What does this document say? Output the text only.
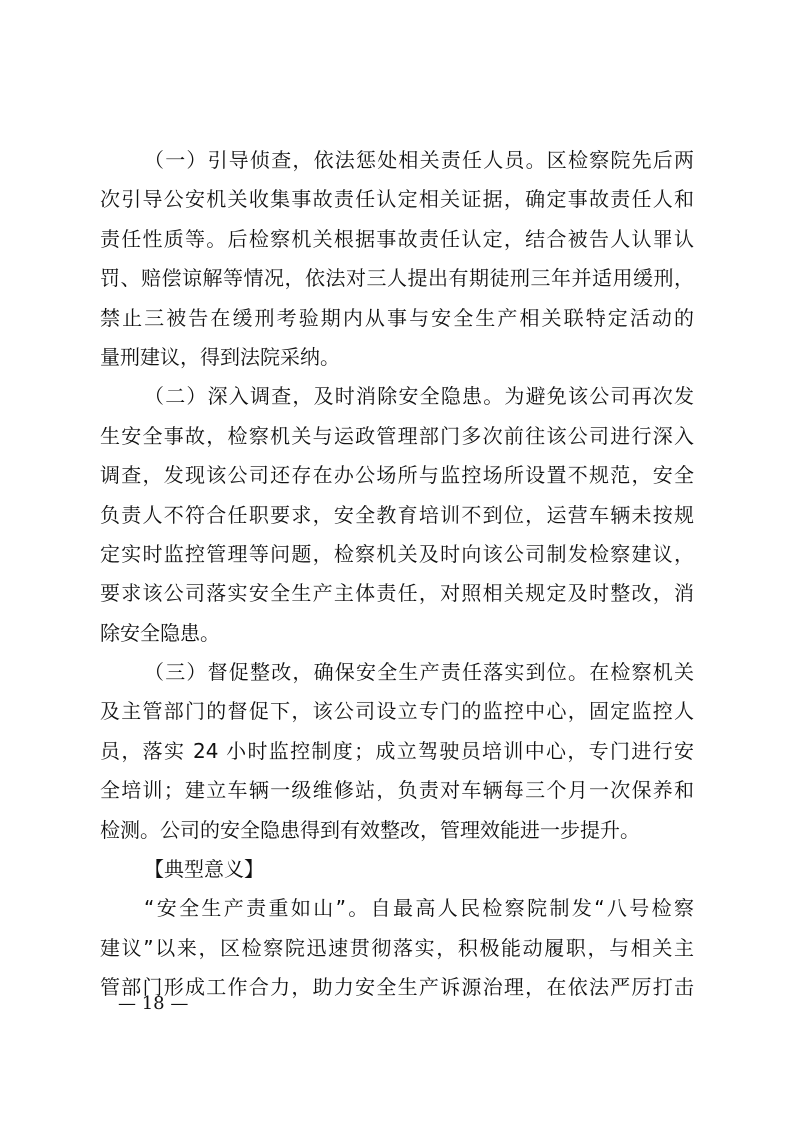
（一）引导侦查，依法惩处相关责任人员。区检察院先后两
次引导公安机关收集事故责任认定相关证据，确定事故责任人和
责任性质等。后检察机关根据事故责任认定，结合被告人认罪认
罚、赔偿谅解等情况，依法对三人提出有期徒刑三年并适用缓刑，
禁止三被告在缓刑考验期内从事与安全生产相关联特定活动的
量刑建议，得到法院采纳。
（二）深入调查，及时消除安全隐患。为避免该公司再次发
生安全事故，检察机关与运政管理部门多次前往该公司进行深入
调查，发现该公司还存在办公场所与监控场所设置不规范，安全
负责人不符合任职要求，安全教育培训不到位，运营车辆未按规
定实时监控管理等问题，检察机关及时向该公司制发检察建议，
要求该公司落实安全生产主体责任，对照相关规定及时整改，消
除安全隐患。
（三）督促整改，确保安全生产责任落实到位。在检察机关
及主管部门的督促下，该公司设立专门的监控中心，固定监控人
员，落实 24 小时监控制度；成立驾驶员培训中心，专门进行安
全培训；建立车辆一级维修站，负责对车辆每三个月一次保养和
检测。公司的安全隐患得到有效整改，管理效能进一步提升。
【典型意义】
“安全生产责重如山”。自最高人民检察院制发“八号检察
建议”以来，区检察院迅速贯彻落实，积极能动履职，与相关主
管部门形成工作合力，助力安全生产诉源治理，在依法严厉打击
— 18 —
